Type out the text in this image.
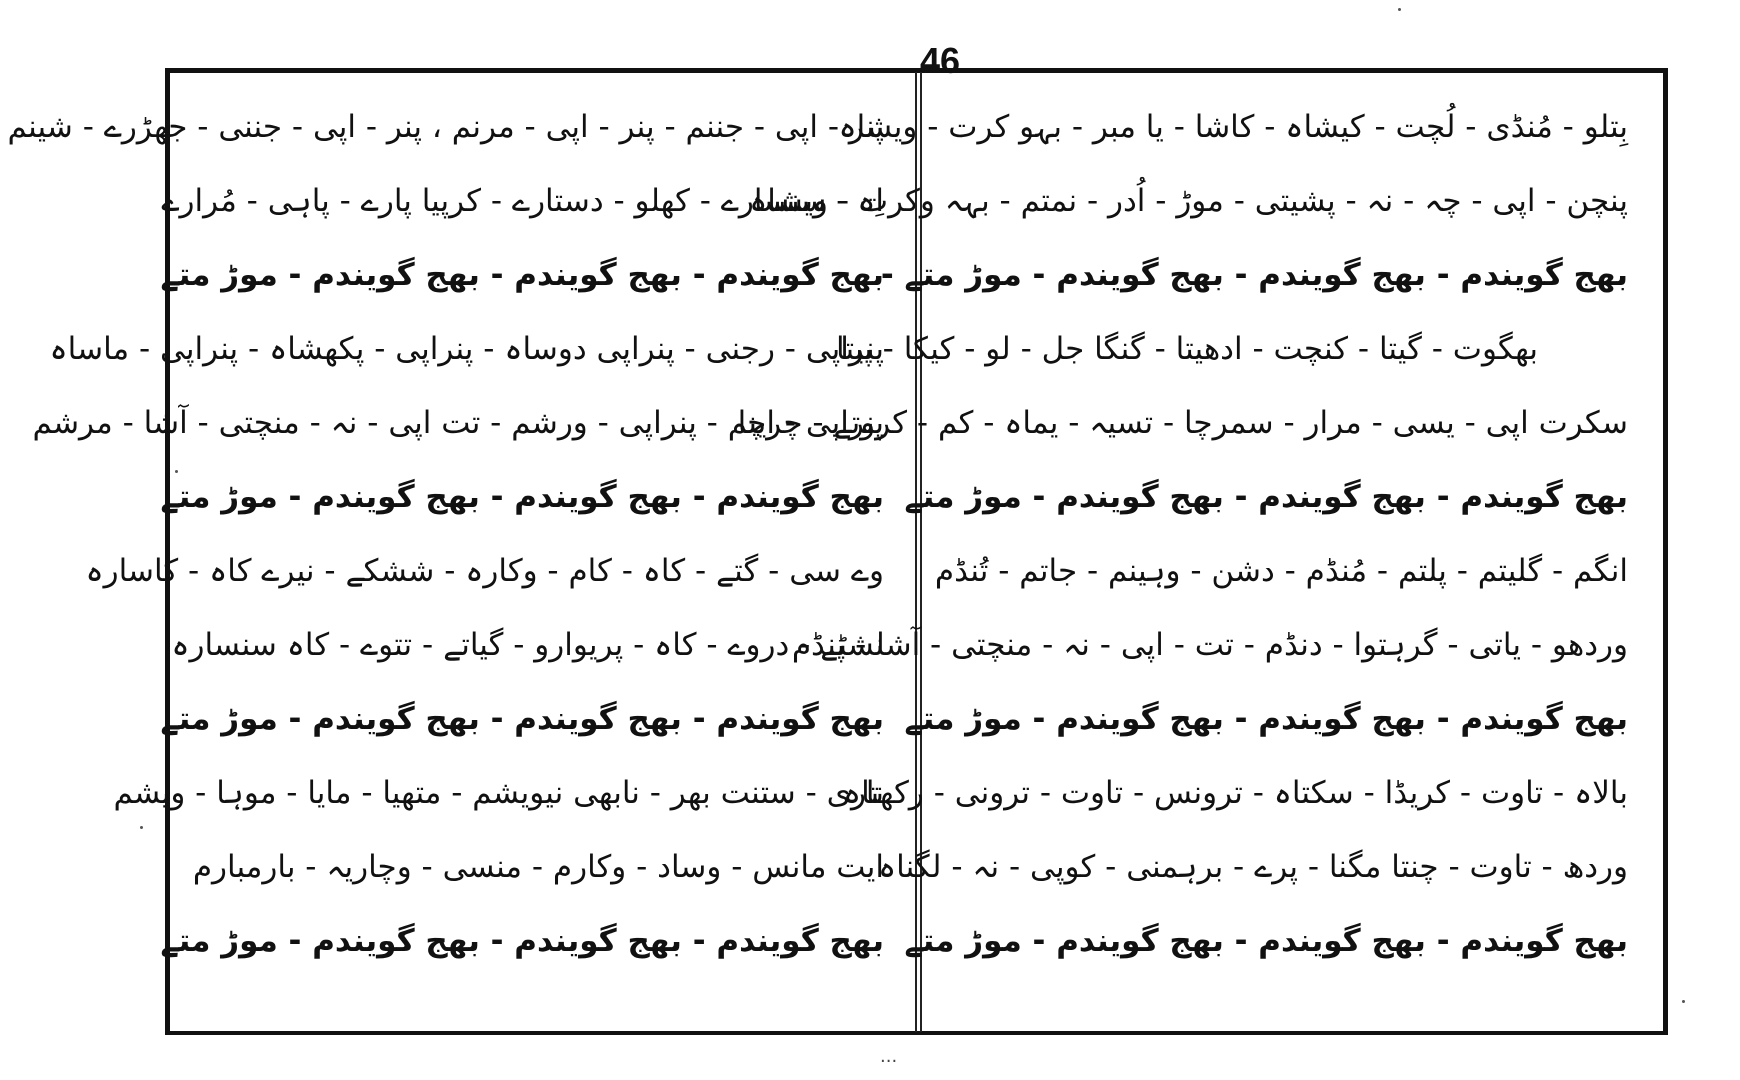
46
بِتلو - مُنڈی - لُچت - کیشاہ - کاشا - یا مبر - بہو کرت - ویشاہ
پنچن - اپی - چہ - نہ - پشیتی - موڑ - اُدر - نمتم - بہہ وکرت - ویشاہ
بھج گویندم - بھج گویندم - بھج گویندم - موڑ متے -
بھگوت - گیتا - کنچت - ادھیتا - گنگا جل - لو - کیکا - پیتا
سکرت اپی - یسی - مرار - سمرچا - تسیہ - یماہ - کم - کروتے - چرچا
بھج گویندم - بھج گویندم - بھج گویندم - موڑ متے
انگم - گلیتم - پلتم - مُنڈم - دشن - وہینم - جاتم - تُنڈم
وردھو - یاتی - گرہتوا - دنڈم - تت - اپی - نہ - منچتی - آشا - پنڈم
بھج گویندم - بھج گویندم - بھج گویندم - موڑ متے
بالاہ - تاوت - کریڈا - سکتاہ - ترونس - تاوت - ترونی - رکھتاہ
وردھ - تاوت - چنتا مگنا - پرے - برہمنی - کوپی - نہ - لگناہ
بھج گویندم - بھج گویندم - بھج گویندم - موڑ متے
پنر - اپی - جننم - پنر - اپی - مرنم ، پنر - اپی - جننی - جھڑرے - شینم
اِہ - سنسارے - کھلو - دستارے - کرپیا پارے - پاہی - مُرارے
بھج گویندم - بھج گویندم - بھج گویندم - موڑ متے
پنراپی - رجنی - پنراپی دوساہ - پنراپی - پکھشاہ - پنراپی - ماساہ
پنراپی - اینم - پنراپی - ورشم - تت اپی - نہ - منچتی - آشا - مرشم
بھج گویندم - بھج گویندم - بھج گویندم - موڑ متے
وے سی - گتے - کاہ - کام - وکارہ - ششکے - نیرے کاہ - کاسارہ
نشٹے - دروے - کاہ - پریوارو - گیاتے - تتوے - کاہ سنسارہ
بھج گویندم - بھج گویندم - بھج گویندم - موڑ متے
ناری - ستنت بھر - نابھی نیویشم - متھیا - مایا - موہا - ویشم
ایت مانس - وساد - وکارم - منسی - وچاریہ - بارمبارم
بھج گویندم - بھج گویندم - بھج گویندم - موڑ متے
...
